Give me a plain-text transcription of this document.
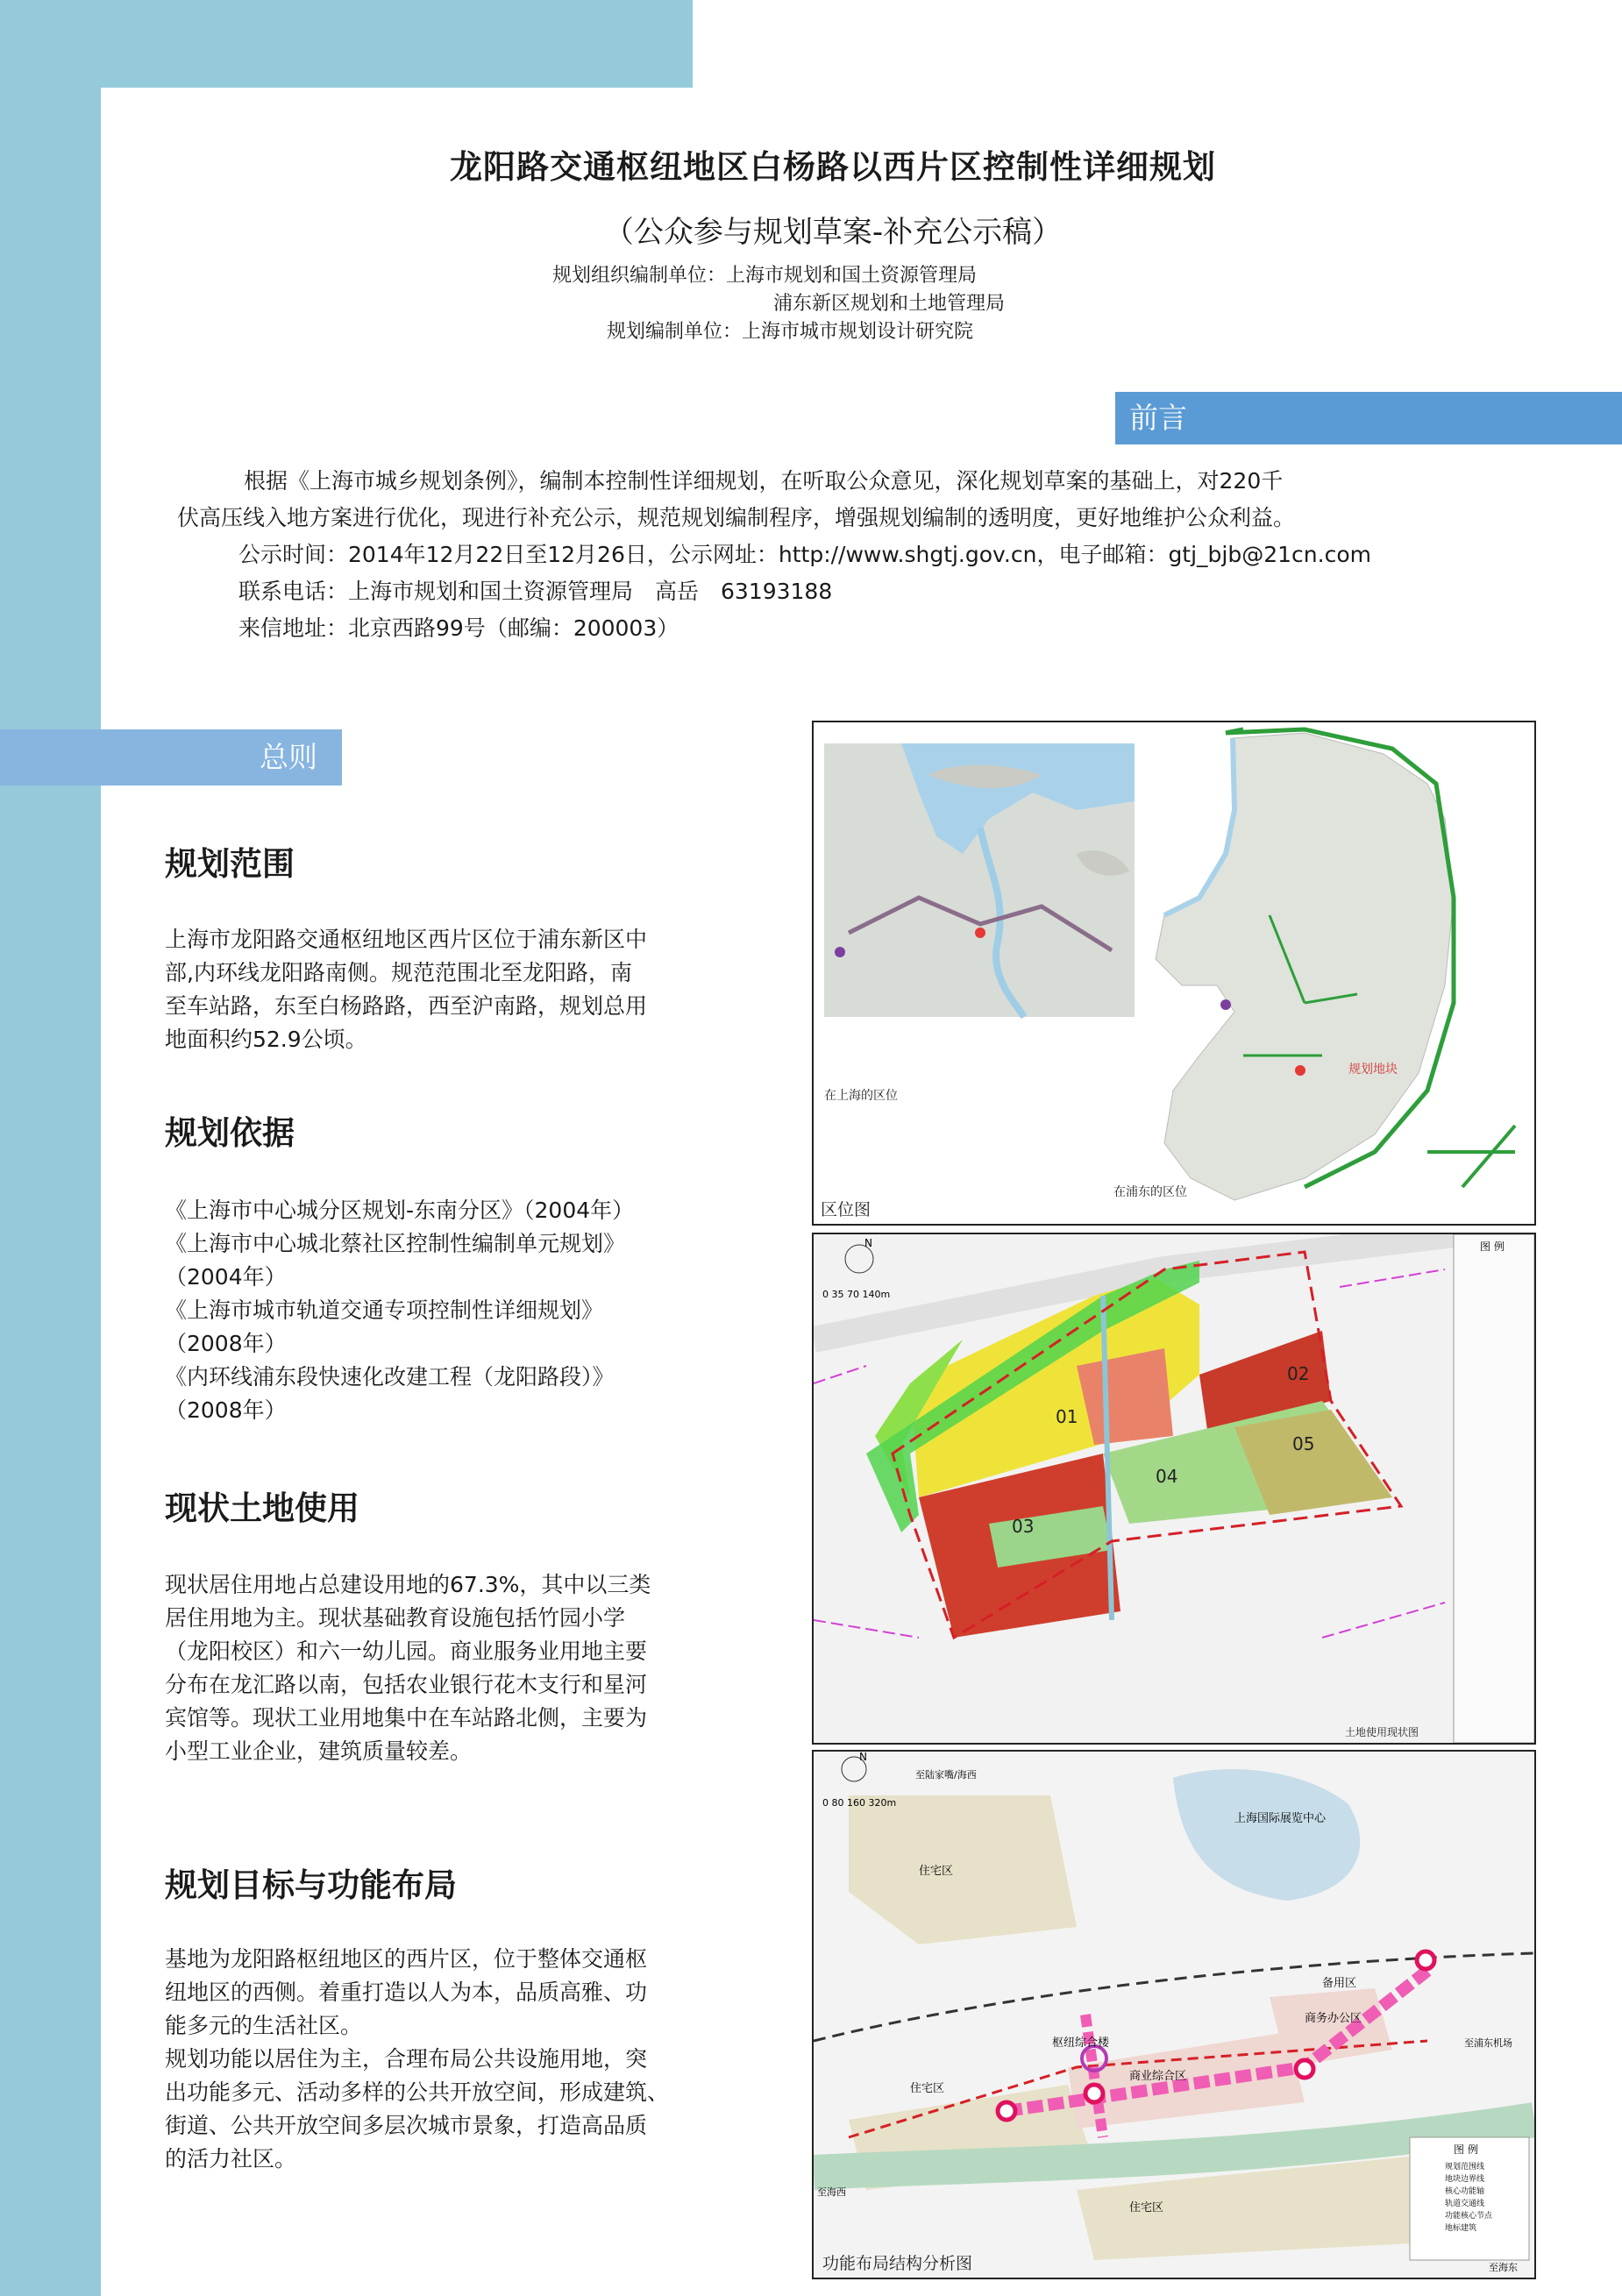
龙阳路交通枢纽地区白杨路以西片区控制性详细规划
（公众参与规划草案-补充公示稿）
规划组织编制单位：上海市规划和国土资源管理局
浦东新区规划和土地管理局
规划编制单位：上海市城市规划设计研究院
前言

根据《上海市城乡规划条例》，编制本控制性详细规划，在听取公众意见，深化规划草案的基础上，对220千

伏高压线入地方案进行优化，现进行补充公示，规范规划编制程序，增强规划编制的透明度，更好地维护公众利益。

公示时间：2014年12月22日至12月26日，公示网址：http://www.shgtj.gov.cn，电子邮箱：gtj_bjb@21cn.com

联系电话：上海市规划和国土资源管理局　高岳　63193188

来信地址：北京西路99号（邮编：200003）

总则
规划范围

上海市龙阳路交通枢纽地区西片区位于浦东新区中

部,内环线龙阳路南侧。规范范围北至龙阳路，南

至车站路，东至白杨路路，西至沪南路，规划总用

地面积约52.9公顷。

规划依据

《上海市中心城分区规划-东南分区》（2004年）

《上海市中心城北蔡社区控制性编制单元规划》

（2004年）

《上海市城市轨道交通专项控制性详细规划》

（2008年）

《内环线浦东段快速化改建工程（龙阳路段）》

（2008年）

现状土地使用

现状居住用地占总建设用地的67.3%，其中以三类

居住用地为主。现状基础教育设施包括竹园小学

（龙阳校区）和六一幼儿园。商业服务业用地主要

分布在龙汇路以南，包括农业银行花木支行和星河

宾馆等。现状工业用地集中在车站路北侧，主要为

小型工业企业，建筑质量较差。

规划目标与功能布局

基地为龙阳路枢纽地区的西片区，位于整体交通枢

纽地区的西侧。着重打造以人为本，品质高雅、功

能多元的生活社区。

规划功能以居住为主，合理布局公共设施用地，突

出功能多元、活动多样的公共开放空间，形成建筑、

街道、公共开放空间多层次城市景象，打造高品质

的活力社区。

在上海的区位
规划地块
在浦东的区位
区位图
01
02
03
04
05
N
0 35 70 140m
图 例
土地使用现状图
上海国际展览中心
住宅区
住宅区
住宅区
商务办公区
商业综合区
备用区
枢纽综合楼
至陆家嘴/海西
至浦东机场
至海西
至海东
N
0 80 160 320m
图 例
规划范围线
地块边界线
核心功能轴
轨道交通线
功能核心节点
地标建筑
功能布局结构分析图
